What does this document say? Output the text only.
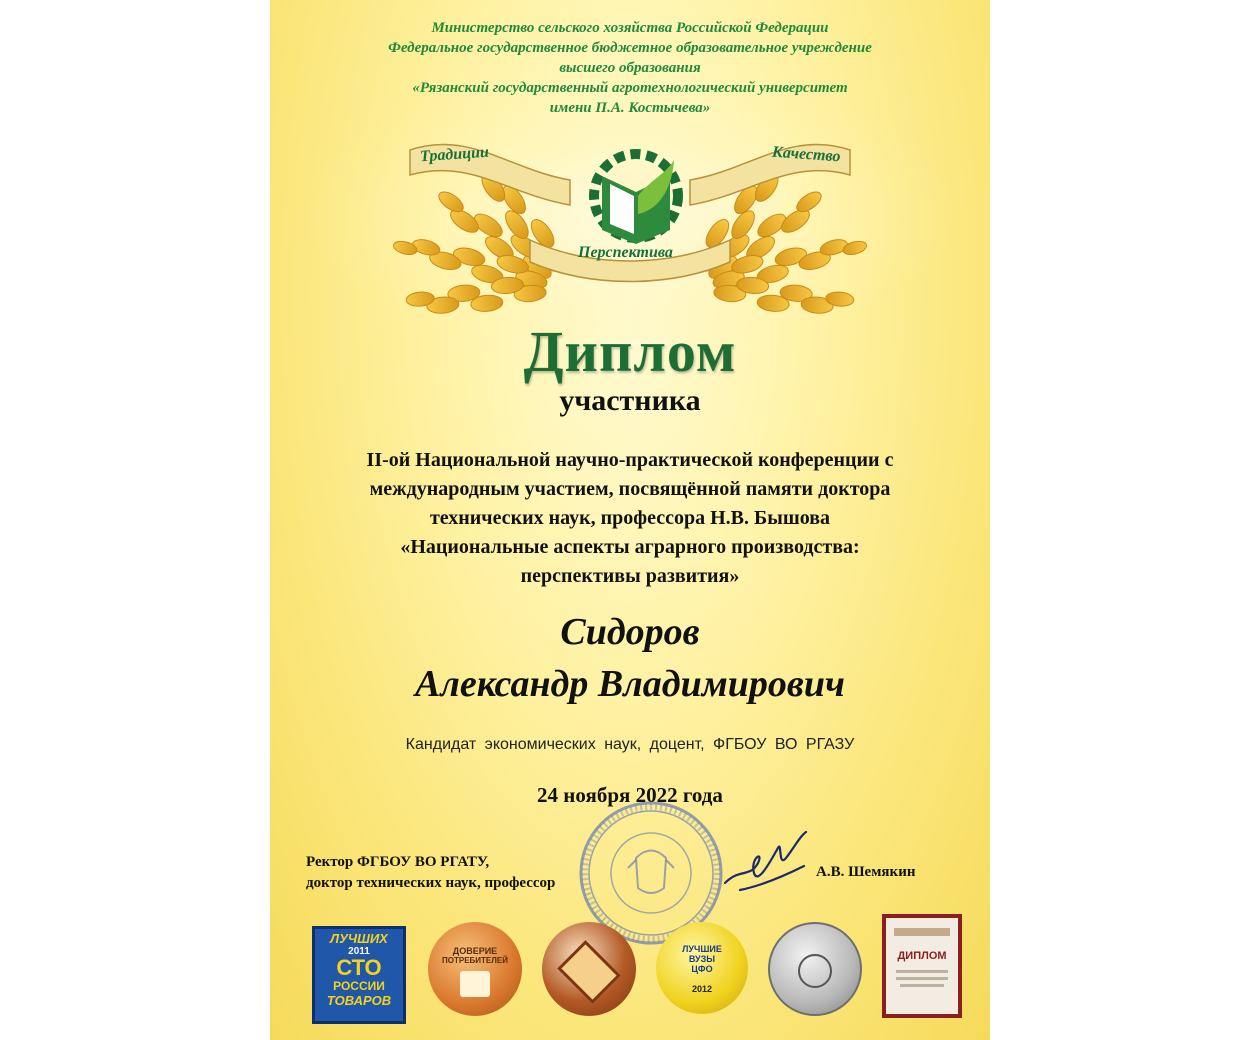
Министерство сельского хозяйства Российской Федерации
Федеральное государственное бюджетное образовательное учреждение
высшего образования
«Рязанский государственный агротехнологический университет
имени П.А. Костычева»
Традиции	Качество
Перспектива
Диплом
участника
II-ой Национальной научно-практической конференции с
международным участием, посвящённой памяти доктора
технических наук, профессора Н.В. Бышова
«Национальные аспекты аграрного производства:
перспективы развития»
Сидоров
Александр Владимирович
Кандидат экономических наук, доцент, ФГБОУ ВО РГАЗУ
24 ноября 2022 года
Ректор ФГБОУ ВО РГАТУ,
доктор технических наук, профессор
А.В. Шемякин
ЛУЧШИХ
2011
СТО
РОССИИ
ТОВАРОВ
ДОВЕРИЕ
ПОТРЕБИТЕЛЕЙ
ЛУЧШИЕ
ВУЗЫ
ЦФО
2012
ДИПЛОМ
